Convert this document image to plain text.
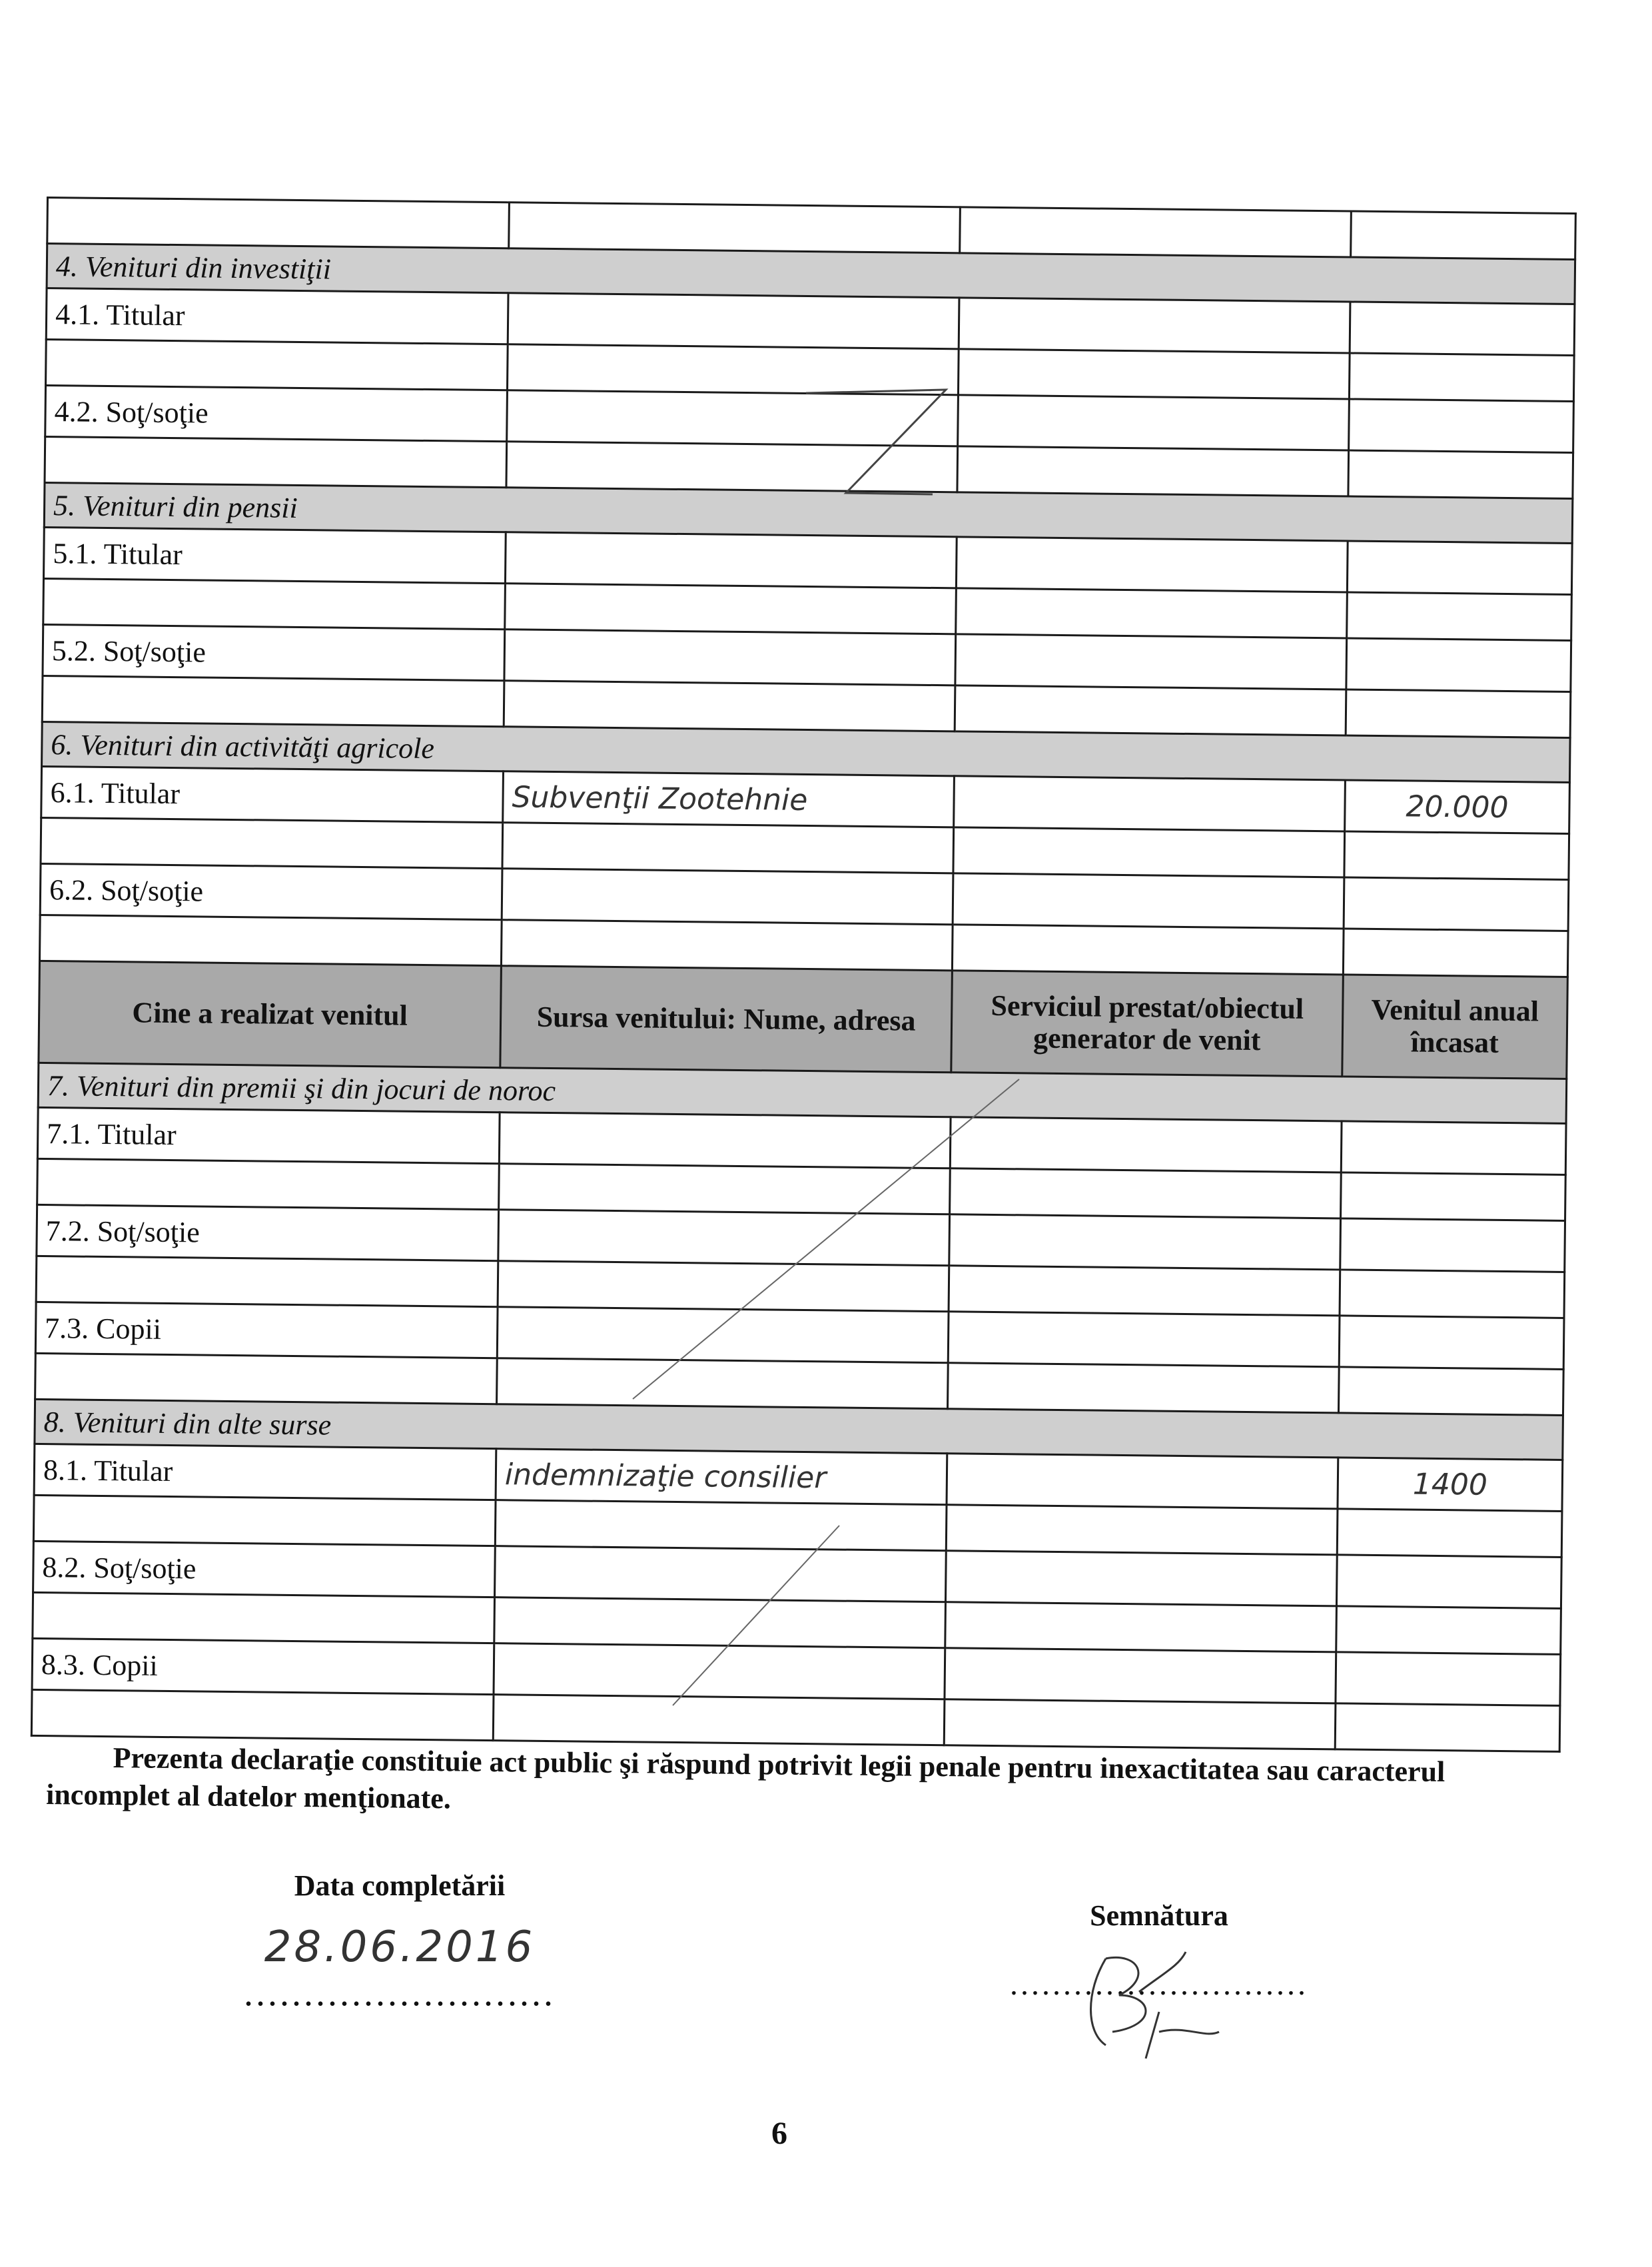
4. Venituri din investiţii			
4.1. Titular			

4.2. Soţ/soţie			

5. Venituri din pensii			
5.1. Titular			

5.2. Soţ/soţie			

6. Venituri din activităţi agricole			
6.1. Titular	Subvenţii Zootehnie		20.000

6.2. Soţ/soţie			

Cine a realizat venitul	Sursa venitului: Nume, adresa	Serviciul prestat/obiectul generator de venit	Venitul anual încasat
7. Venituri din premii şi din jocuri de noroc			
7.1. Titular			

7.2. Soţ/soţie			

7.3. Copii			

8. Venituri din alte surse			
8.1. Titular	indemnizaţie consilier		1400

8.2. Soţ/soţie			

8.3. Copii			

Prezenta declaraţie constituie act public şi răspund potrivit legii penale pentru inexactitatea sau caracterul incomplet al datelor menţionate.
Data completării
28.06.2016
..........................
Semnătura
............................
6
